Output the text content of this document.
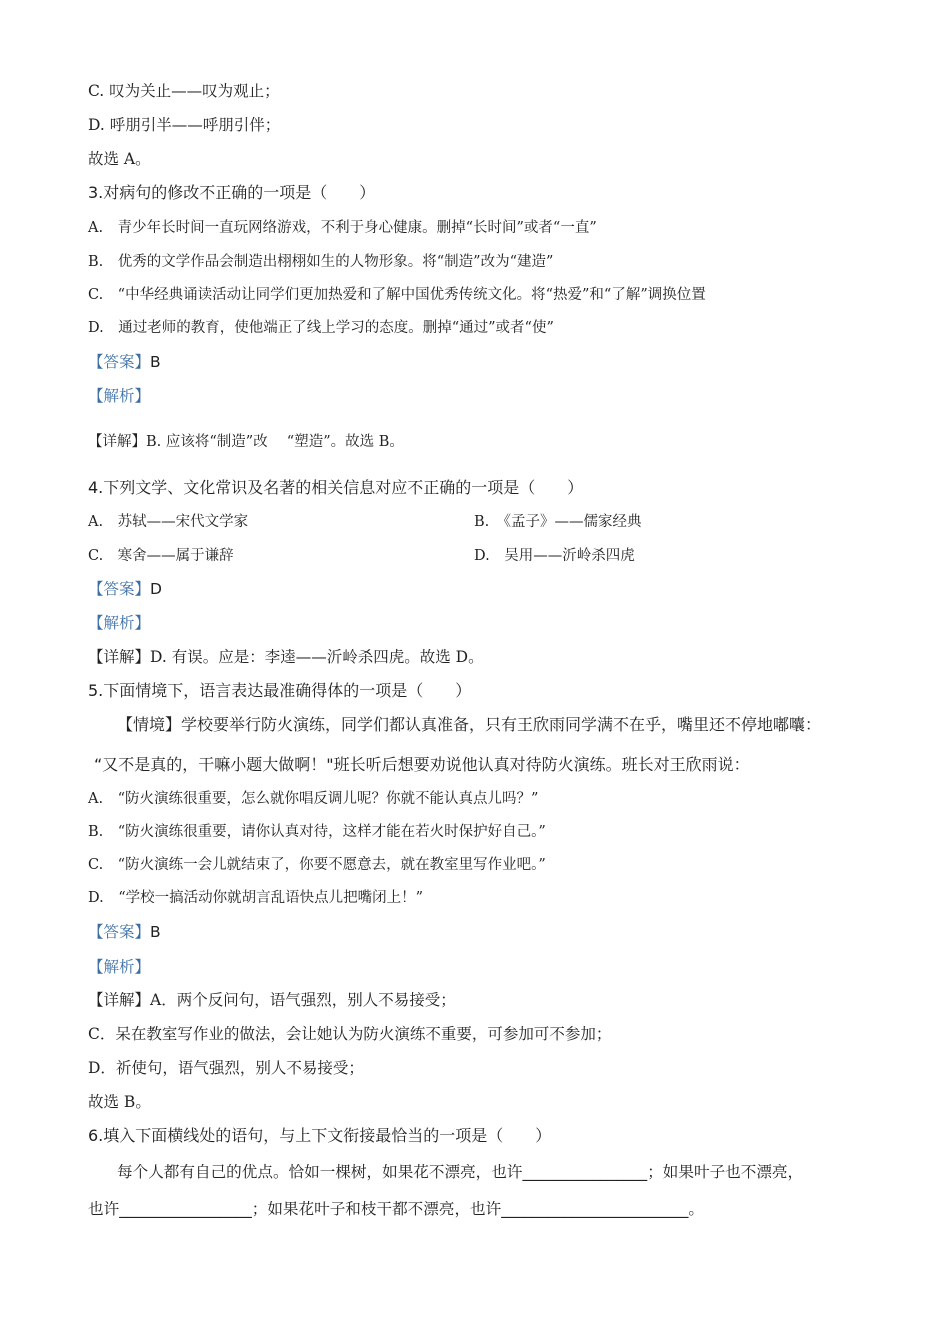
C. 叹为关止——叹为观止；
D. 呼朋引半——呼朋引伴；
故选 A。
3.对病句的修改不正确的一项是（　　）
A.　青少年长时间一直玩网络游戏，不利于身心健康。删掉“长时间”或者“一直”
B.　优秀的文学作品会制造出栩栩如生的人物形象。将“制造”改为“建造”
C.　“中华经典诵读活动让同学们更加热爱和了解中国优秀传统文化。将“热爱”和“了解”调换位置
D.　通过老师的教育，使他端正了线上学习的态度。删掉“通过”或者“使”
【答案】B
【解析】
【详解】B. 应该将“制造”改　 “塑造”。故选 B。
4.下列文学、文化常识及名著的相关信息对应不正确的一项是（　　）
A.　苏轼——宋代文学家	B.　《孟子》——儒家经典
C.　寒舍——属于谦辞	D.　吴用——沂岭杀四虎
【答案】D
【解析】
【详解】D. 有误。应是：李逵——沂岭杀四虎。故选 D。
5.下面情境下，语言表达最准确得体的一项是（　　）
【情境】学校要举行防火演练，同学们都认真准备，只有王欣雨同学满不在乎，嘴里还不停地嘟囔：
“又不是真的，干嘛小题大做啊！"班长听后想要劝说他认真对待防火演练。班长对王欣雨说：
A.　“防火演练很重要，怎么就你唱反调儿呢？你就不能认真点儿吗？”
B.　“防火演练很重要，请你认真对待，这样才能在若火时保护好自己。”
C.　“防火演练一会儿就结束了，你要不愿意去，就在教室里写作业吧。”
D.　“学校一搞活动你就胡言乱语快点儿把嘴闭上！”
【答案】B
【解析】
【详解】A．两个反问句，语气强烈，别人不易接受；
C．呆在教室写作业的做法，会让她认为防火演练不重要，可参加可不参加；
D．祈使句，语气强烈，别人不易接受；
故选 B。
6.填入下面横线处的语句，与上下文衔接最恰当的一项是（　　）
每个人都有自己的优点。恰如一棵树，如果花不漂亮，也许________________；如果叶子也不漂亮，
也许_________________；如果花叶子和枝干都不漂亮，也许________________________。
